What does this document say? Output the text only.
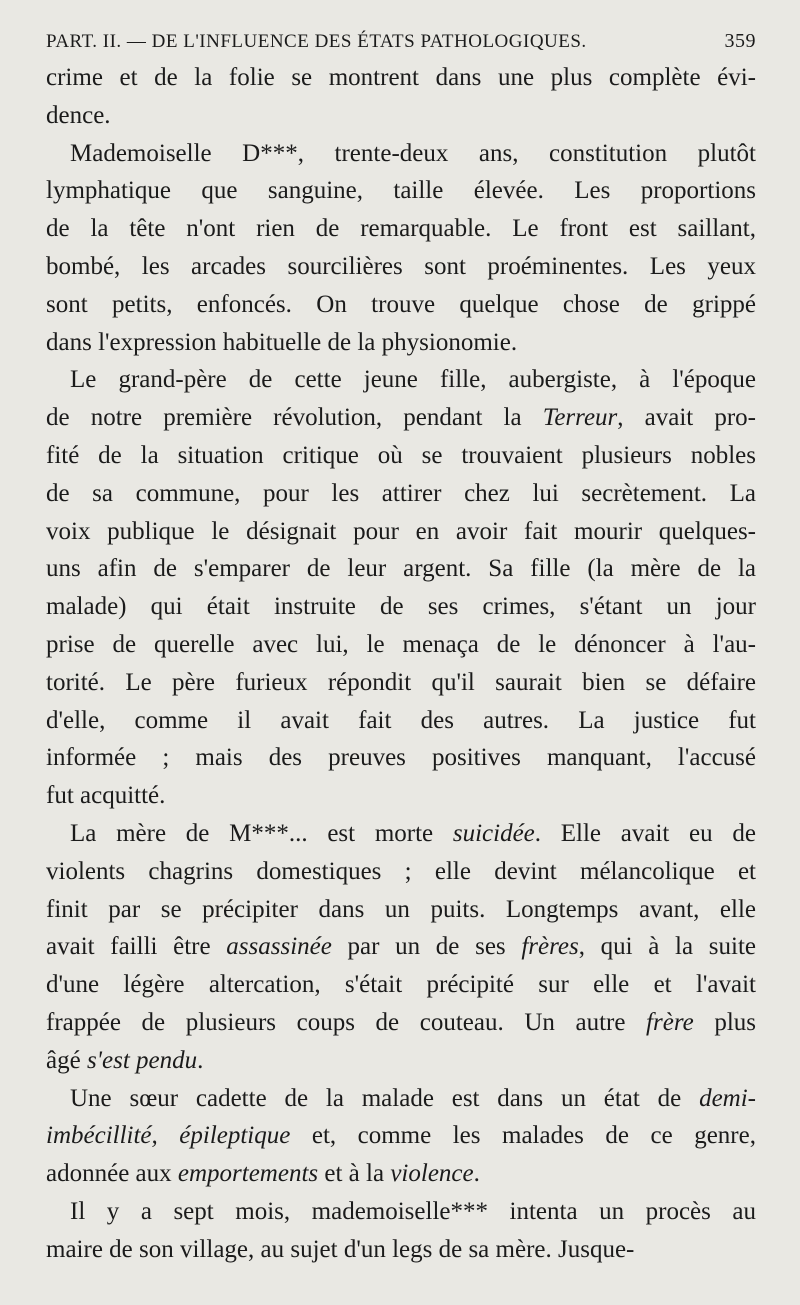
PART. II. — DE L'INFLUENCE DES ÉTATS PATHOLOGIQUES.	359
crime et de la folie se montrent dans une plus complète évi-
dence.
Mademoiselle D***, trente-deux ans, constitution plutôt
lymphatique que sanguine, taille élevée. Les proportions
de la tête n'ont rien de remarquable. Le front est saillant,
bombé, les arcades sourcilières sont proéminentes. Les yeux
sont petits, enfoncés. On trouve quelque chose de grippé
dans l'expression habituelle de la physionomie.
Le grand-père de cette jeune fille, aubergiste, à l'époque
de notre première révolution, pendant la Terreur, avait pro-
fité de la situation critique où se trouvaient plusieurs nobles
de sa commune, pour les attirer chez lui secrètement. La
voix publique le désignait pour en avoir fait mourir quelques-
uns afin de s'emparer de leur argent. Sa fille (la mère de la
malade) qui était instruite de ses crimes, s'étant un jour
prise de querelle avec lui, le menaça de le dénoncer à l'au-
torité. Le père furieux répondit qu'il saurait bien se défaire
d'elle, comme il avait fait des autres. La justice fut
informée ; mais des preuves positives manquant, l'accusé
fut acquitté.
La mère de M***... est morte suicidée. Elle avait eu de
violents chagrins domestiques ; elle devint mélancolique et
finit par se précipiter dans un puits. Longtemps avant, elle
avait failli être assassinée par un de ses frères, qui à la suite
d'une légère altercation, s'était précipité sur elle et l'avait
frappée de plusieurs coups de couteau. Un autre frère plus
âgé s'est pendu.
Une sœur cadette de la malade est dans un état de demi-
imbécillité, épileptique et, comme les malades de ce genre,
adonnée aux emportements et à la violence.
Il y a sept mois, mademoiselle*** intenta un procès au
maire de son village, au sujet d'un legs de sa mère. Jusque-
